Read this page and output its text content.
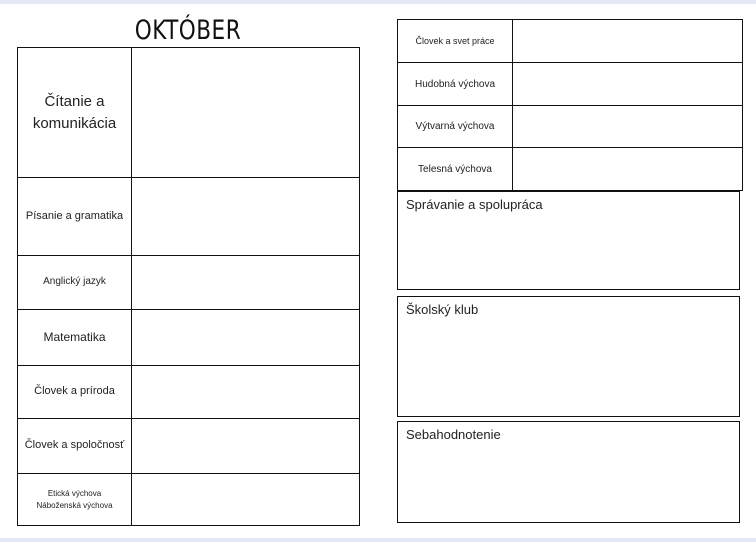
OKTÓBER
Čítanie a komunikácia	
Písanie a gramatika	
Anglický jazyk	
Matematika	
Človek a príroda	
Človek a spoločnosť	

Etická výchova
Náboženská výchova	

Človek a svet práce	
Hudobná výchova	
Výtvarná výchova	
Telesná výchova	
Správanie a spolupráca
Školský klub
Sebahodnotenie
